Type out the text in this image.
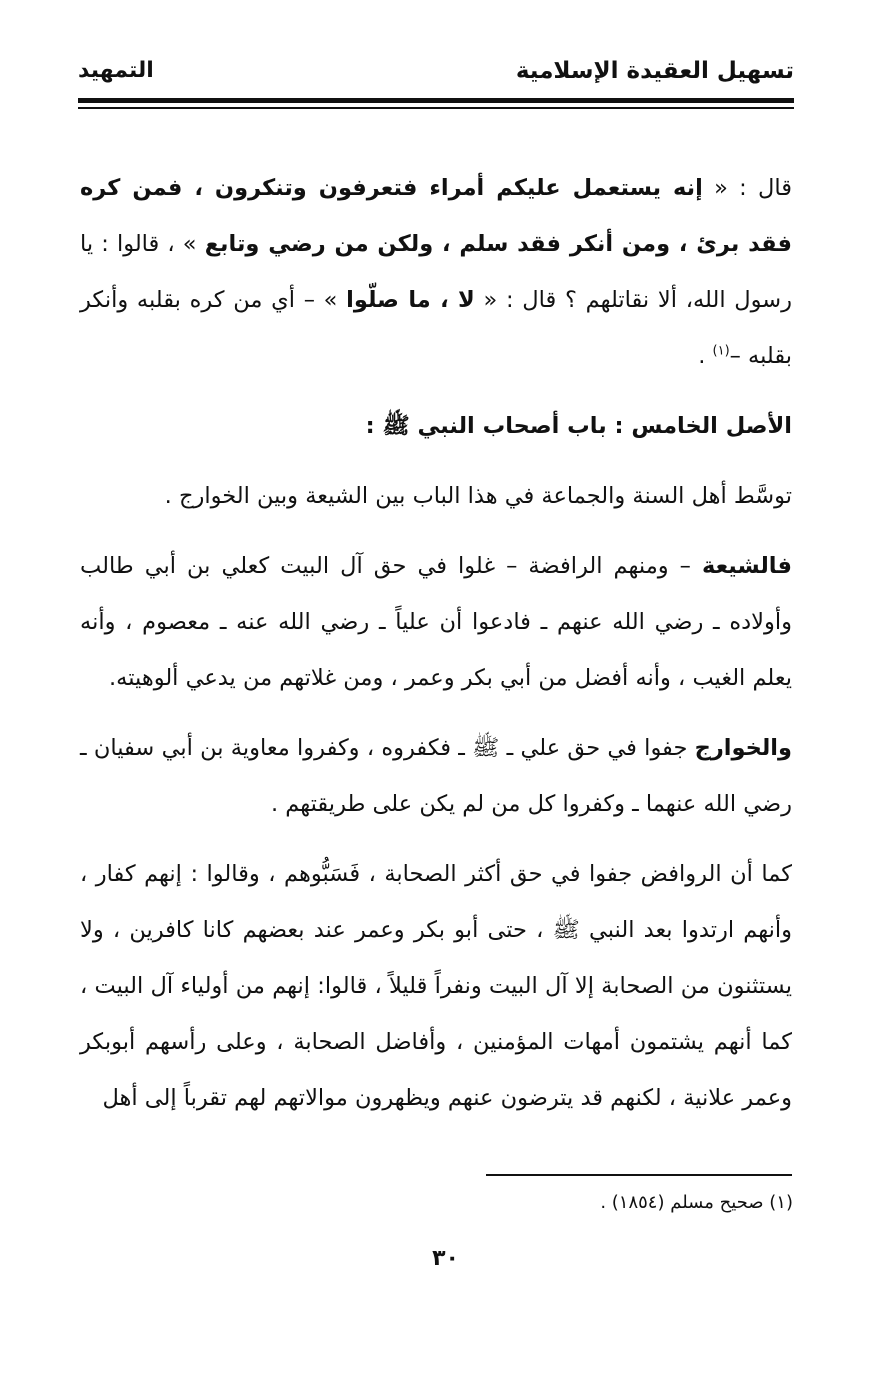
تسهيل العقيدة الإسلامية
التمهيد

قال : « إنه يستعمل عليكم أمراء فتعرفون وتنكرون ، فمن كره فقد برئ ، ومن أنكر فقد سلم ، ولكن من رضي وتابع » ، قالوا : يا رسول الله، ألا نقاتلهم ؟ قال : « لا ، ما صلّوا » – أي من كره بقلبه وأنكر بقلبه –$^{(١)}$ .

الأصل الخامس : باب أصحاب النبي ﷺ :

توسَّط أهل السنة والجماعة في هذا الباب بين الشيعة وبين الخوارج .

فالشيعة – ومنهم الرافضة – غلوا في حق آل البيت كعلي بن أبي طالب وأولاده ـ رضي الله عنهم ـ فادعوا أن علياً ـ رضي الله عنه ـ معصوم ، وأنه يعلم الغيب ، وأنه أفضل من أبي بكر وعمر ، ومن غلاتهم من يدعي ألوهيته.

والخوارج جفوا في حق علي ـ ﷺ ـ فكفروه ، وكفروا معاوية بن أبي سفيان ـ رضي الله عنهما ـ وكفروا كل من لم يكن على طريقتهم .

كما أن الروافض جفوا في حق أكثر الصحابة ، فَسَبُّوهم ، وقالوا : إنهم كفار ، وأنهم ارتدوا بعد النبي ﷺ ، حتى أبو بكر وعمر عند بعضهم كانا كافرين ، ولا يستثنون من الصحابة إلا آل البيت ونفراً قليلاً ، قالوا: إنهم من أولياء آل البيت ، كما أنهم يشتمون أمهات المؤمنين ، وأفاضل الصحابة ، وعلى رأسهم أبوبكر وعمر علانية ، لكنهم قد يترضون عنهم ويظهرون موالاتهم لهم تقرباً إلى أهل

(١) صحيح مسلم (١٨٥٤) .
٣٠
